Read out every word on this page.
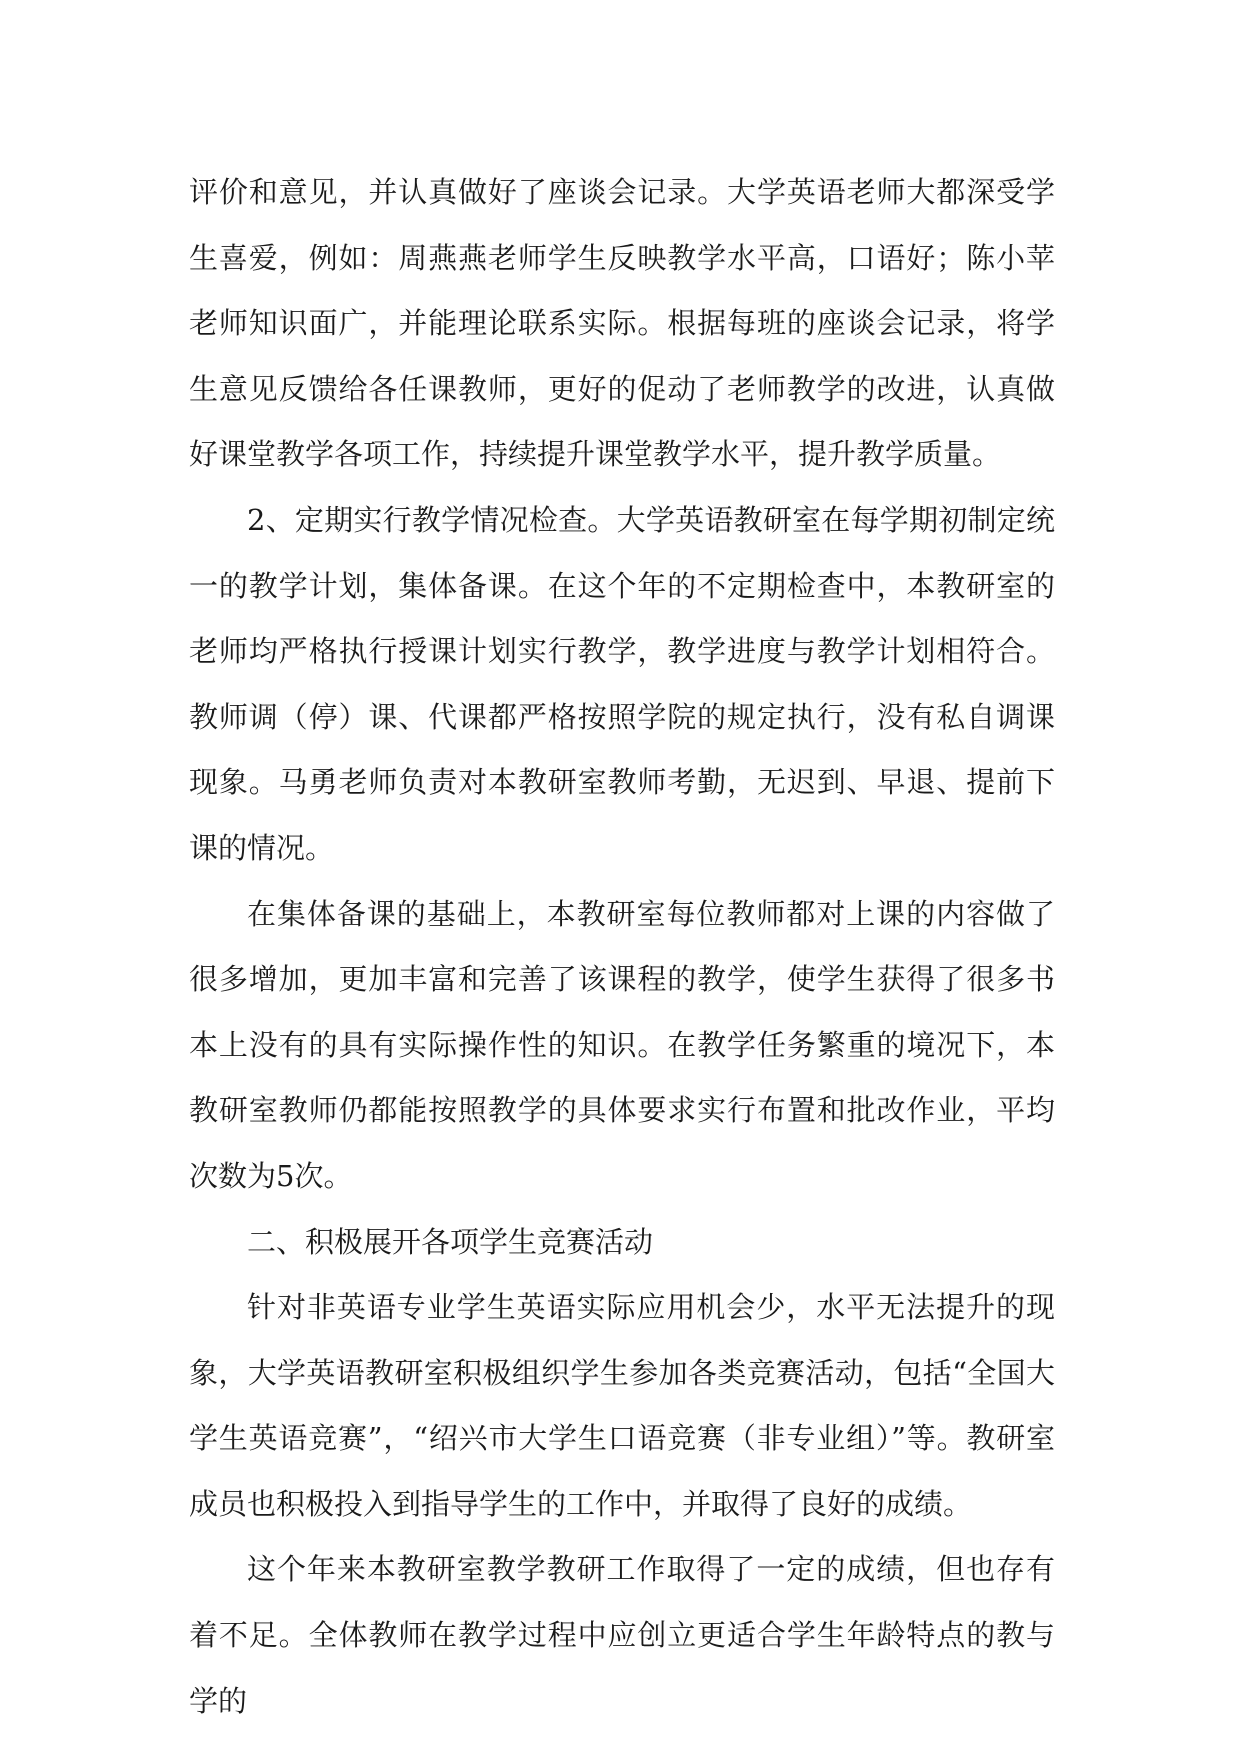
评价和意见，并认真做好了座谈会记录。大学英语老师大都深受学生喜爱，例如：周燕燕老师学生反映教学水平高，口语好；陈小苹老师知识面广，并能理论联系实际。根据每班的座谈会记录，将学生意见反馈给各任课教师，更好的促动了老师教学的改进，认真做好课堂教学各项工作，持续提升课堂教学水平，提升教学质量。

2、定期实行教学情况检查。大学英语教研室在每学期初制定统一的教学计划，集体备课。在这个年的不定期检查中，本教研室的老师均严格执行授课计划实行教学，教学进度与教学计划相符合。教师调（停）课、代课都严格按照学院的规定执行，没有私自调课现象。马勇老师负责对本教研室教师考勤，无迟到、早退、提前下课的情况。

在集体备课的基础上，本教研室每位教师都对上课的内容做了很多增加，更加丰富和完善了该课程的教学，使学生获得了很多书本上没有的具有实际操作性的知识。在教学任务繁重的境况下，本教研室教师仍都能按照教学的具体要求实行布置和批改作业，平均次数为5次。

二、积极展开各项学生竞赛活动

针对非英语专业学生英语实际应用机会少，水平无法提升的现象，大学英语教研室积极组织学生参加各类竞赛活动，包括“全国大学生英语竞赛”，“绍兴市大学生口语竞赛（非专业组）”等。教研室成员也积极投入到指导学生的工作中，并取得了良好的成绩。

这个年来本教研室教学教研工作取得了一定的成绩，但也存有着不足。全体教师在教学过程中应创立更适合学生年龄特点的教与学的
